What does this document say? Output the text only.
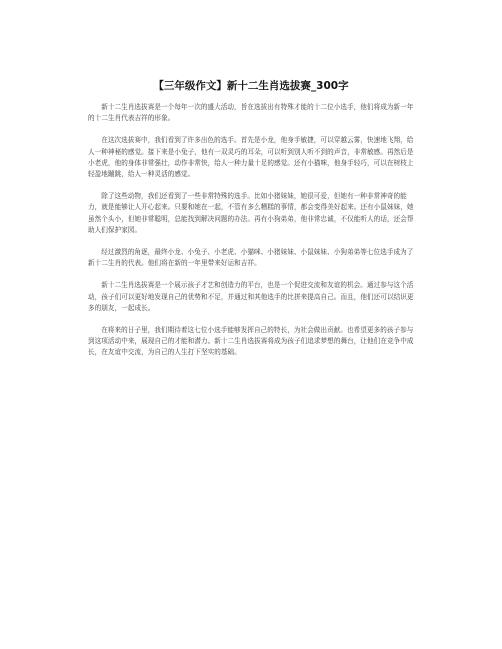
【三年级作文】新十二生肖选拔赛_300字

新十二生肖选拔赛是一个每年一次的盛大活动，旨在选拔出有特殊才能的十二位小选手，他们将成为新一年的十二生肖代表吉祥的形象。

在这次选拔赛中，我们看到了许多出色的选手。首先是小龙，他身手敏捷，可以穿越云雾，快速地飞翔，给人一种神秘的感觉。接下来是小兔子，他有一双灵巧的耳朵，可以听到别人听不到的声音，非常敏感。再然后是小老虎，他的身体非常强壮，动作非常快，给人一种力量十足的感觉。还有小猫咪，他身手轻巧，可以在树枝上轻盈地蹦跳，给人一种灵活的感觉。

除了这些动物，我们还看到了一些非常特殊的选手。比如小猪妹妹，她很可爱，但她有一种非常神奇的能力，就是能够让人开心起来。只要和她在一起，不管有多么糟糕的事情，都会变得美好起来。还有小鼠妹妹，她虽然个头小，但她非常聪明，总能找到解决问题的办法。再有小狗弟弟，他非常忠诚，不仅能听人的话，还会帮助人们保护家园。

经过激烈的角逐，最终小龙、小兔子、小老虎、小猫咪、小猪妹妹、小鼠妹妹、小狗弟弟等七位选手成为了新十二生肖的代表。他们将在新的一年里带来好运和吉祥。

新十二生肖选拔赛是一个展示孩子才艺和创造力的平台，也是一个促进交流和友谊的机会。通过参与这个活动，孩子们可以更好地发现自己的优势和不足，并通过和其他选手的比拼来提高自己。而且，他们还可以结识更多的朋友，一起成长。

在将来的日子里，我们期待着这七位小选手能够发挥自己的特长，为社会做出贡献。也希望更多的孩子参与到这项活动中来，展现自己的才能和潜力。新十二生肖选拔赛将成为孩子们追求梦想的舞台，让他们在竞争中成长，在友谊中交流，为自己的人生打下坚实的基础。
